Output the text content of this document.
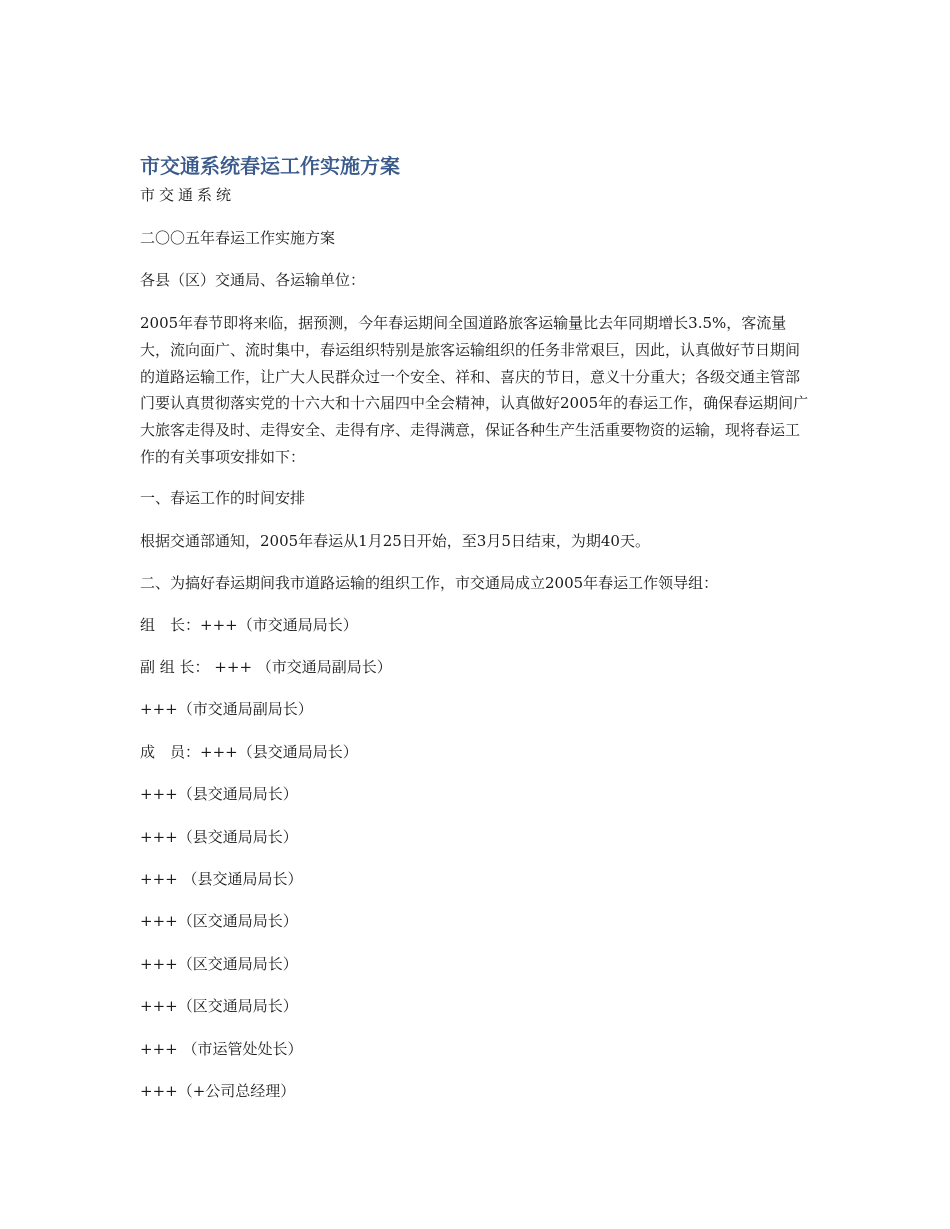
市交通系统春运工作实施方案
市交通系统
二〇〇五年春运工作实施方案
各县（区）交通局、各运输单位：

2005年春节即将来临，据预测，今年春运期间全国道路旅客运输量比去年同期增长3.5%，客流量大，流向面广、流时集中，春运组织特别是旅客运输组织的任务非常艰巨，因此，认真做好节日期间的道路运输工作，让广大人民群众过一个安全、祥和、喜庆的节日，意义十分重大；各级交通主管部门要认真贯彻落实党的十六大和十六届四中全会精神，认真做好2005年的春运工作，确保春运期间广大旅客走得及时、走得安全、走得有序、走得满意，保证各种生产生活重要物资的运输，现将春运工作的有关事项安排如下：

一、春运工作的时间安排
根据交通部通知，2005年春运从1月25日开始，至3月5日结束，为期40天。
二、为搞好春运期间我市道路运输的组织工作，市交通局成立2005年春运工作领导组：
组　长：+++（市交通局局长）
副 组 长： +++ （市交通局副局长）
+++（市交通局副局长）
成　员：+++（县交通局局长）
+++（县交通局局长）
+++（县交通局局长）
+++ （县交通局局长）
+++（区交通局局长）
+++（区交通局局长）
+++（区交通局局长）
+++ （市运管处处长）
+++（+公司总经理）
